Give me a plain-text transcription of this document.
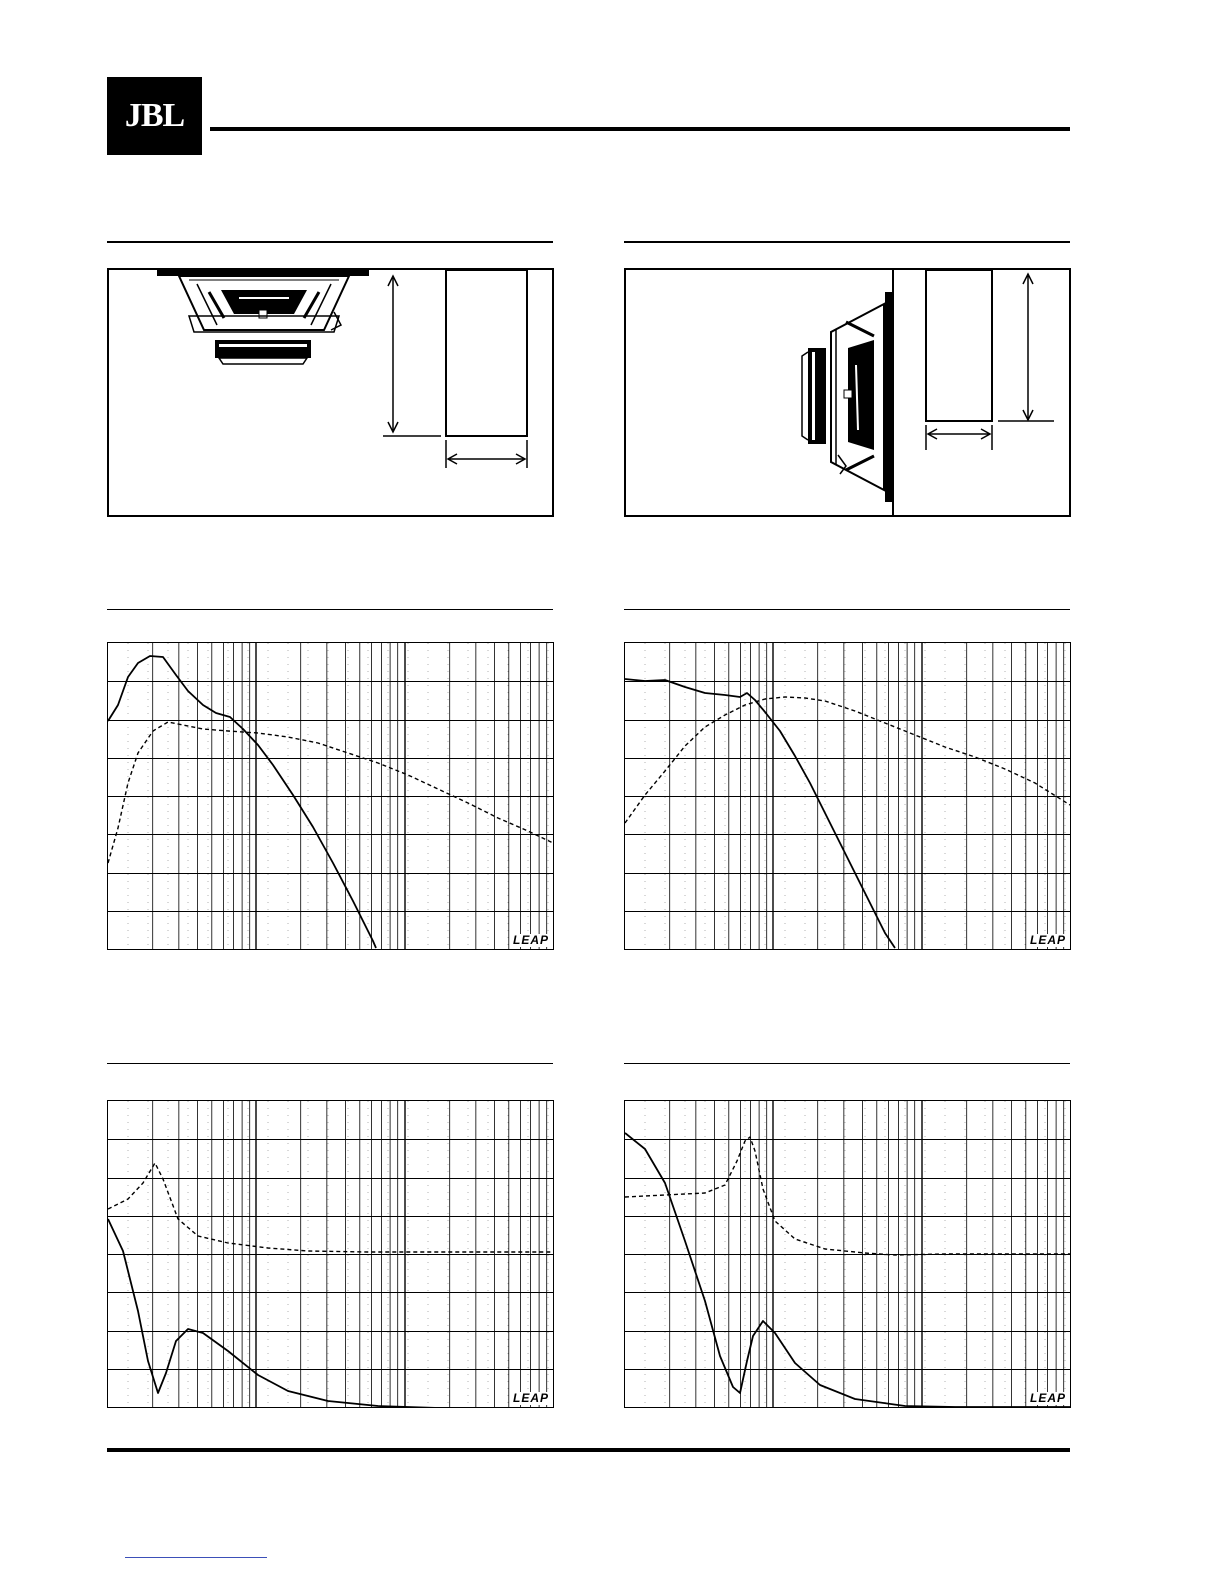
JBL
LEAP	LEAP
LEAP	LEAP
